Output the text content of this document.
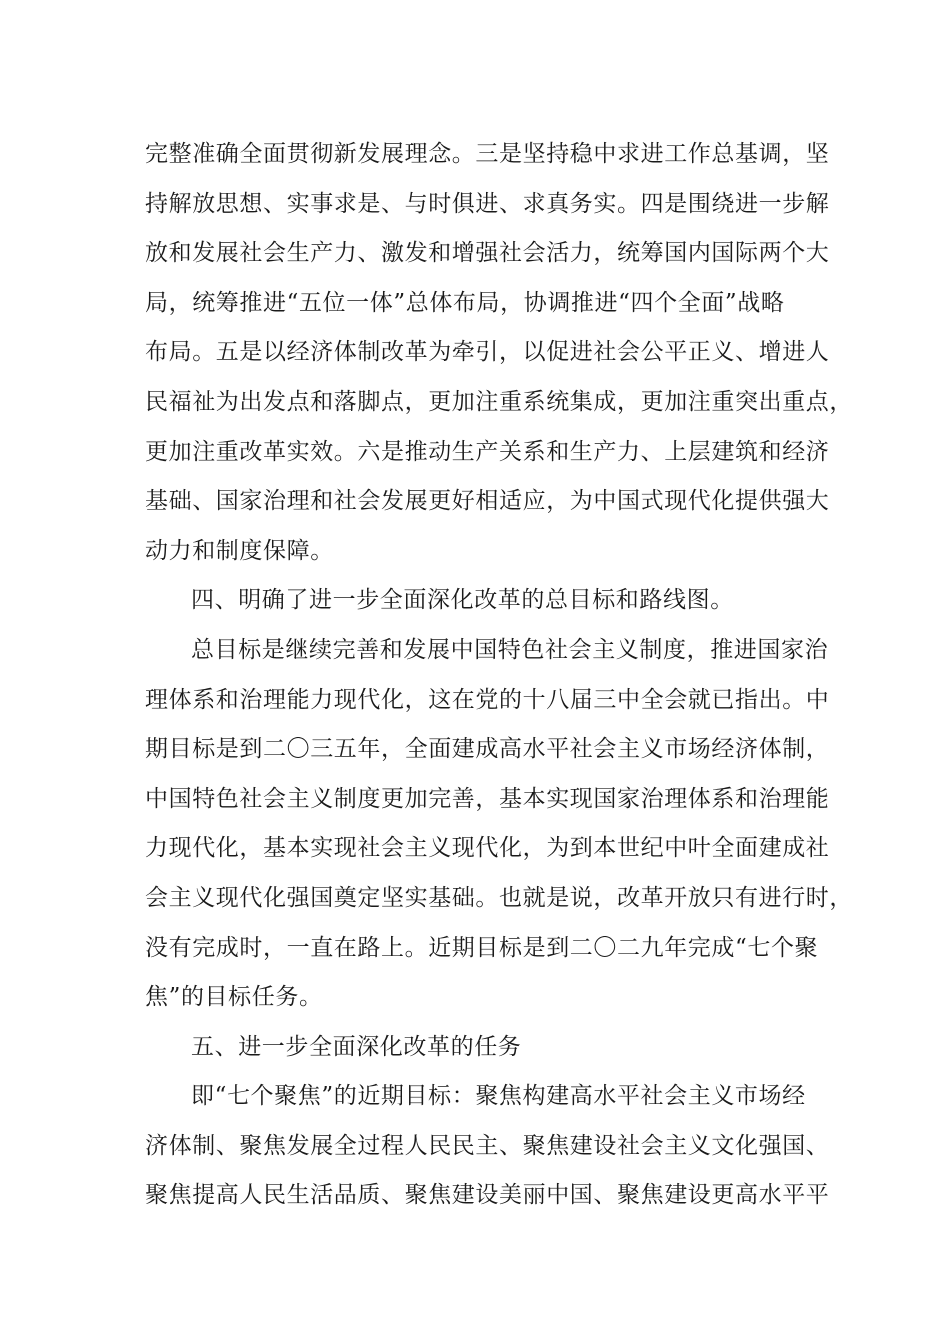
完整准确全面贯彻新发展理念。三是坚持稳中求进工作总基调，坚
持解放思想、实事求是、与时俱进、求真务实。四是围绕进一步解
放和发展社会生产力、激发和增强社会活力，统筹国内国际两个大
局，统筹推进“五位一体”总体布局，协调推进“四个全面”战略
布局。五是以经济体制改革为牵引，以促进社会公平正义、增进人
民福祉为出发点和落脚点，更加注重系统集成，更加注重突出重点，
更加注重改革实效。六是推动生产关系和生产力、上层建筑和经济
基础、国家治理和社会发展更好相适应，为中国式现代化提供强大
动力和制度保障。
四、明确了进一步全面深化改革的总目标和路线图。
总目标是继续完善和发展中国特色社会主义制度，推进国家治
理体系和治理能力现代化，这在党的十八届三中全会就已指出。中
期目标是到二〇三五年，全面建成高水平社会主义市场经济体制，
中国特色社会主义制度更加完善，基本实现国家治理体系和治理能
力现代化，基本实现社会主义现代化，为到本世纪中叶全面建成社
会主义现代化强国奠定坚实基础。也就是说，改革开放只有进行时，
没有完成时，一直在路上。近期目标是到二〇二九年完成“七个聚
焦”的目标任务。
五、进一步全面深化改革的任务
即“七个聚焦”的近期目标：聚焦构建高水平社会主义市场经
济体制、聚焦发展全过程人民民主、聚焦建设社会主义文化强国、
聚焦提高人民生活品质、聚焦建设美丽中国、聚焦建设更高水平平
